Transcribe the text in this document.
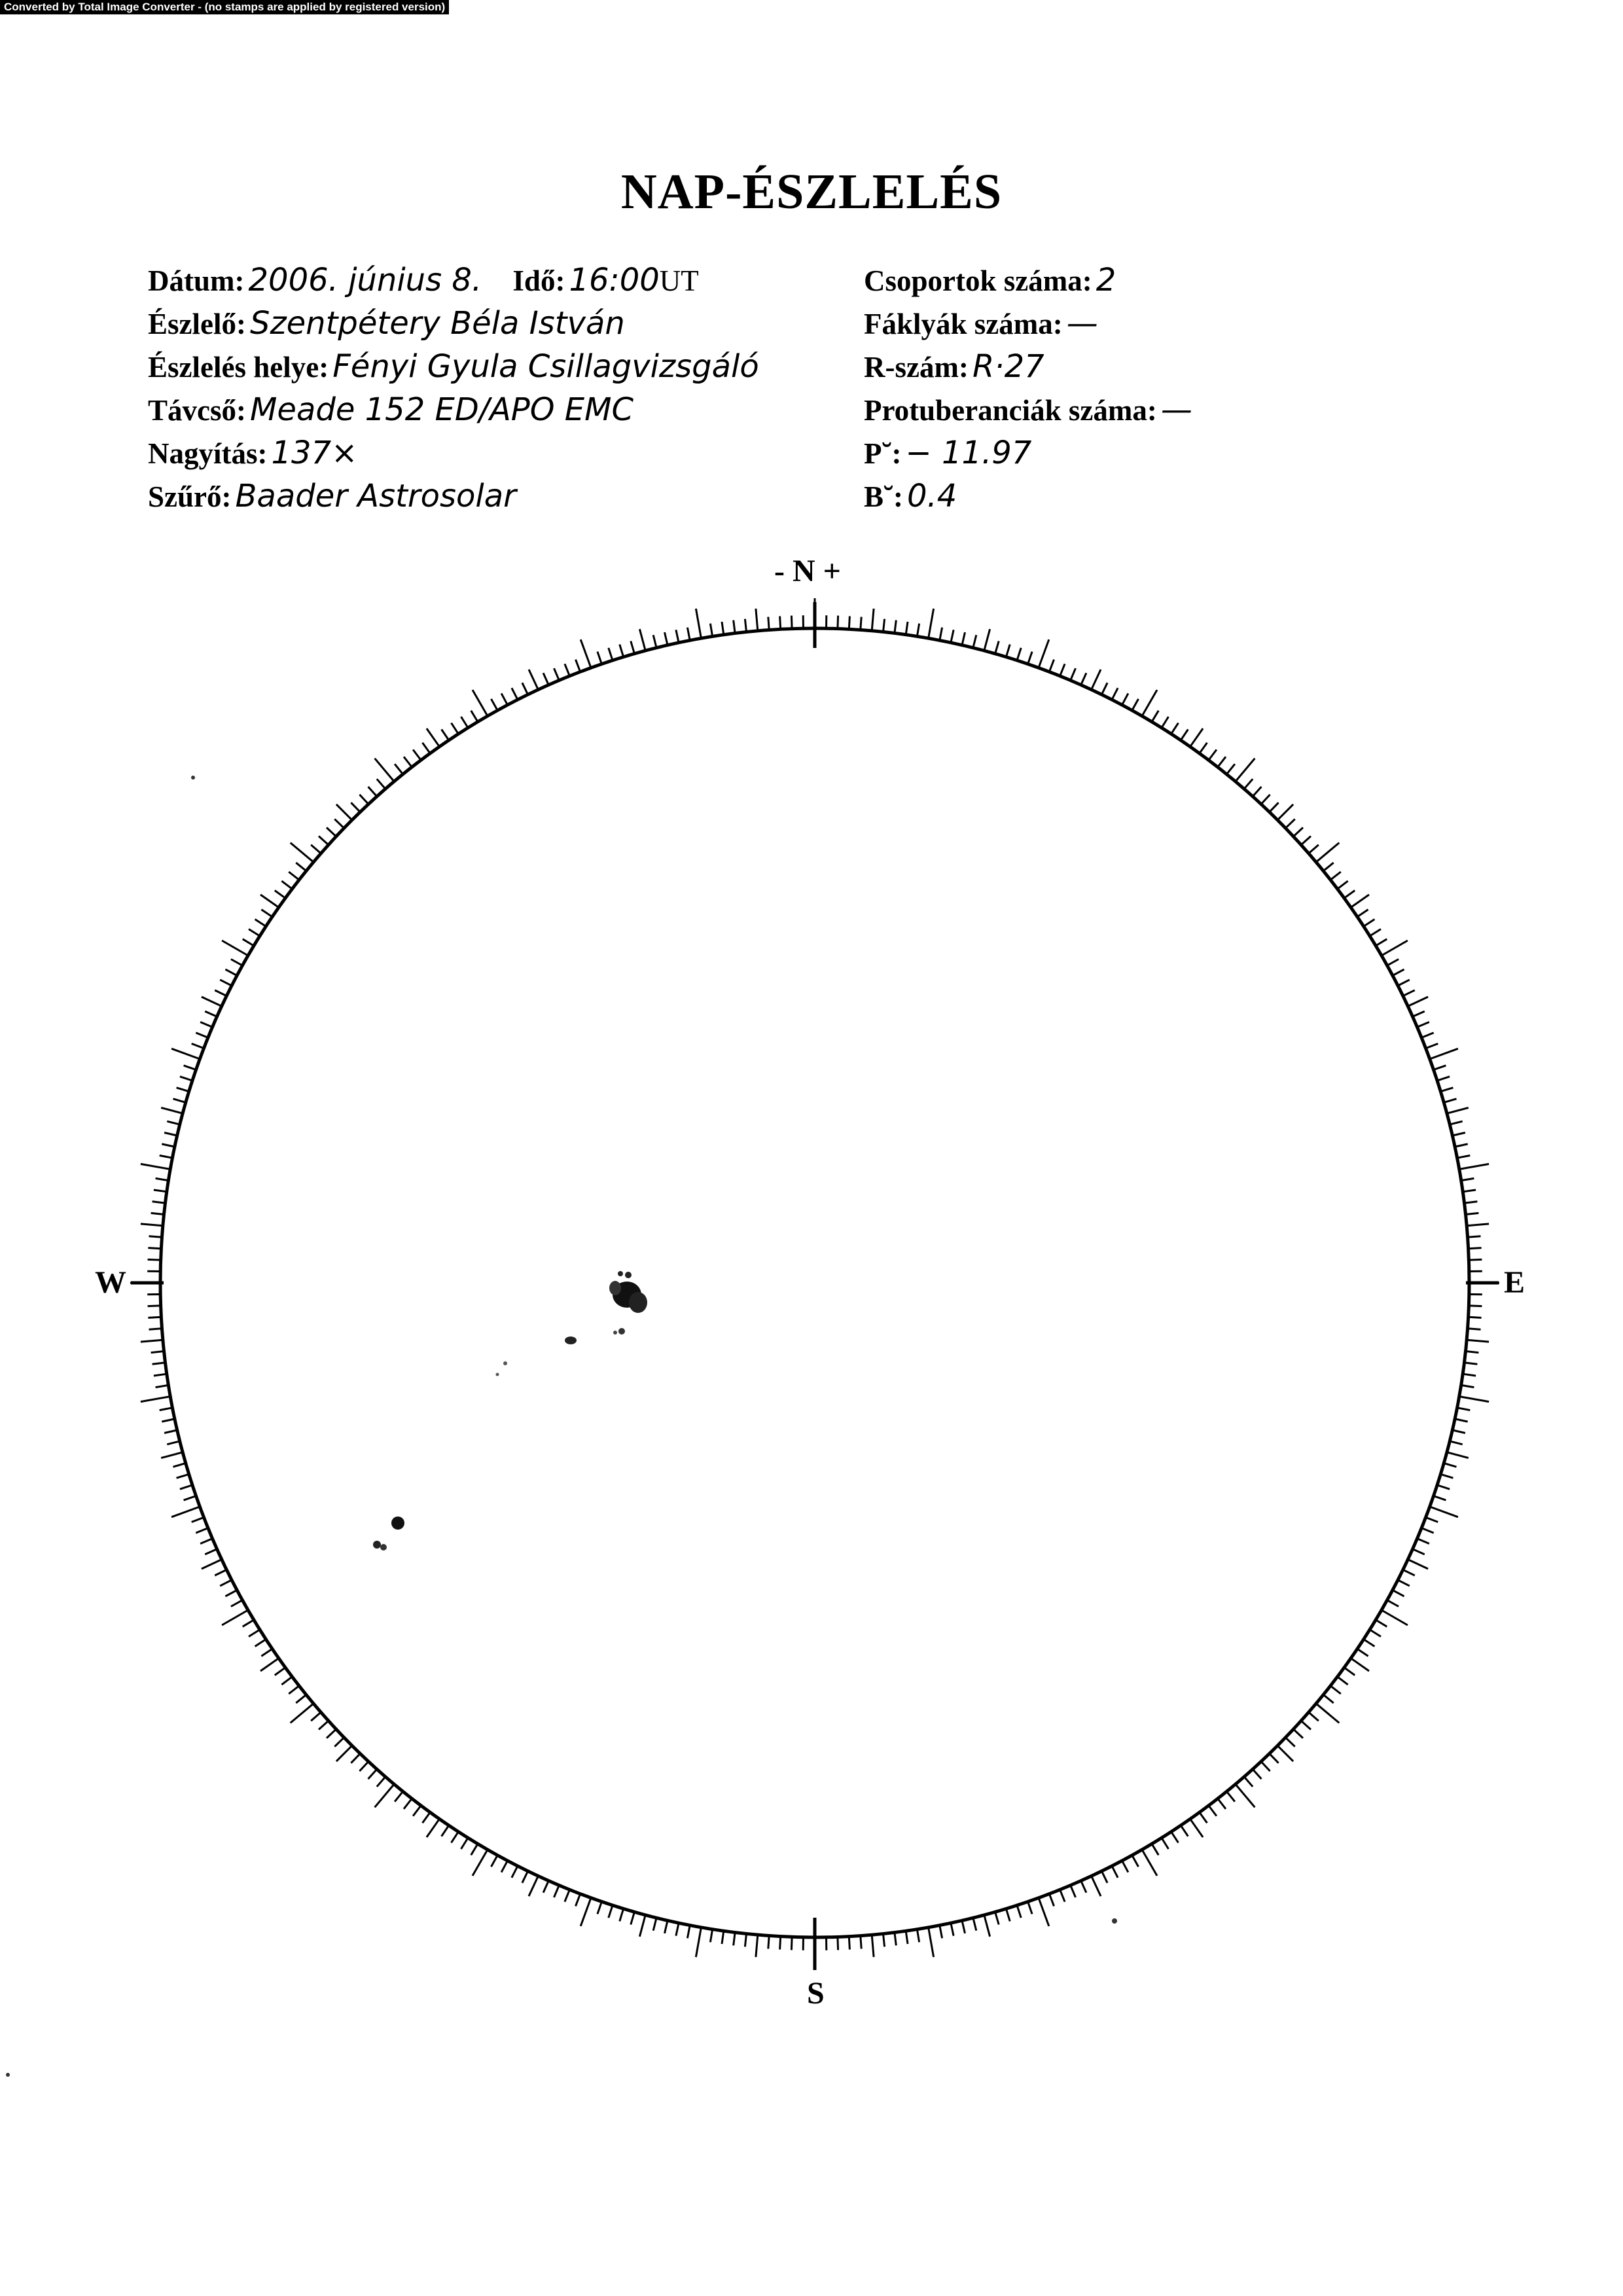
Converted by Total Image Converter - (no stamps are applied by registered version)
NAP-ÉSZLELÉS
Dátum: 2006. június 8. Idő: 16:00UT
Észlelő: Szentpétery Béla István
Észlelés helye: Fényi Gyula Csillagvizsgáló
Távcső: Meade 152 ED/APO EMC
Nagyítás: 137×
Szűrő: Baader Astrosolar
Csoportok száma: 2
Fáklyák száma: —
R-szám: R·27
Protuberanciák száma: —
P˘: − 11.97
B˘: 0.4
- N +
S
W	E
